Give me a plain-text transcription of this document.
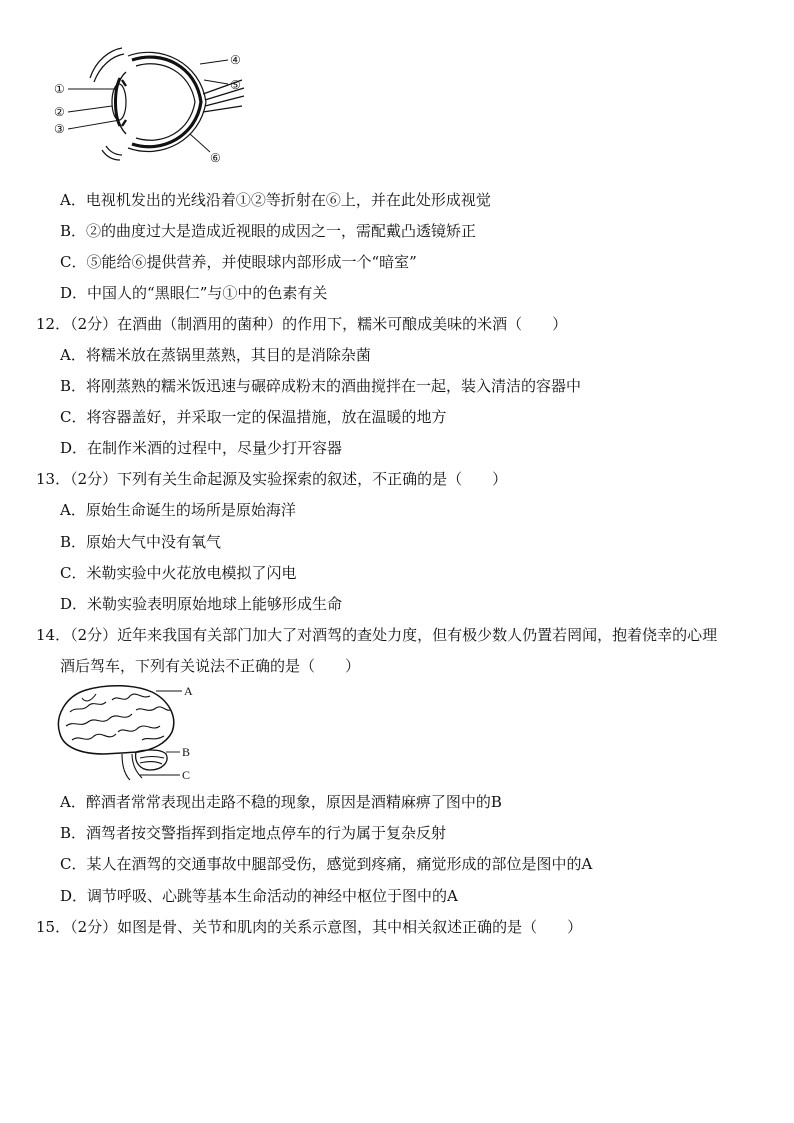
①
②
③
④
⑤
⑥
A．电视机发出的光线沿着①②等折射在⑥上，并在此处形成视觉
B．②的曲度过大是造成近视眼的成因之一，需配戴凸透镜矫正
C．⑤能给⑥提供营养，并使眼球内部形成一个“暗室”
D．中国人的“黑眼仁”与①中的色素有关
12．（2分）在酒曲（制酒用的菌种）的作用下，糯米可酿成美味的米酒（　　）
A．将糯米放在蒸锅里蒸熟，其目的是消除杂菌
B．将刚蒸熟的糯米饭迅速与碾碎成粉末的酒曲搅拌在一起，装入清洁的容器中
C．将容器盖好，并采取一定的保温措施，放在温暖的地方
D．在制作米酒的过程中，尽量少打开容器
13．（2分）下列有关生命起源及实验探索的叙述，不正确的是（　　）
A．原始生命诞生的场所是原始海洋
B．原始大气中没有氧气
C．米勒实验中火花放电模拟了闪电
D．米勒实验表明原始地球上能够形成生命
14．（2分）近年来我国有关部门加大了对酒驾的查处力度，但有极少数人仍置若罔闻，抱着侥幸的心理
酒后驾车，下列有关说法不正确的是（　　）
A
B
C
A．醉酒者常常表现出走路不稳的现象，原因是酒精麻痹了图中的B
B．酒驾者按交警指挥到指定地点停车的行为属于复杂反射
C．某人在酒驾的交通事故中腿部受伤，感觉到疼痛，痛觉形成的部位是图中的A
D．调节呼吸、心跳等基本生命活动的神经中枢位于图中的A
15．（2分）如图是骨、关节和肌肉的关系示意图，其中相关叙述正确的是（　　）
